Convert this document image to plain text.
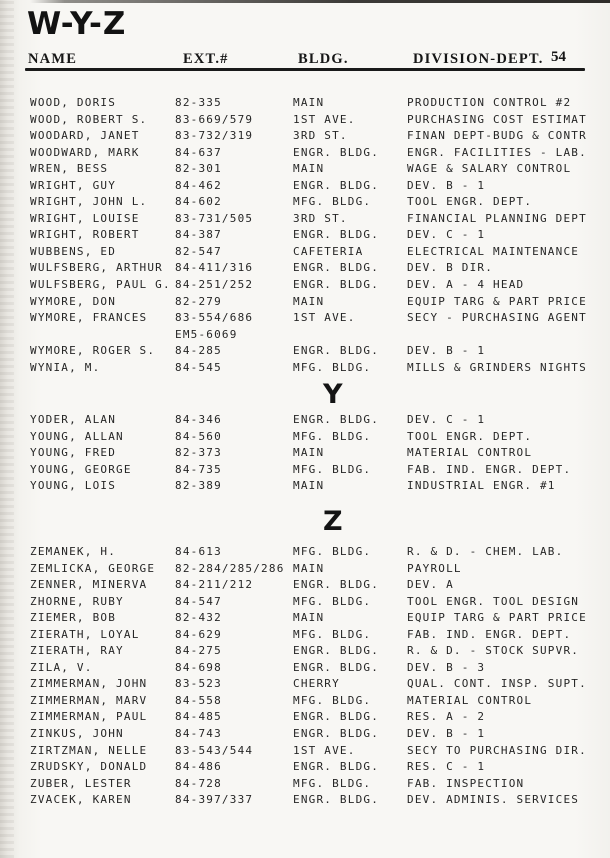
W-Y-Z
NAME	EXT.#	BLDG.	DIVISION-DEPT. 54
WOOD, DORIS	82-335	MAIN	PRODUCTION CONTROL #2
WOOD, ROBERT S.	83-669/579	1ST AVE.	PURCHASING COST ESTIMAT
WOODARD, JANET	83-732/319	3RD ST.	FINAN DEPT-BUDG & CONTR
WOODWARD, MARK	84-637	ENGR. BLDG.	ENGR. FACILITIES - LAB.
WREN, BESS	82-301	MAIN	WAGE & SALARY CONTROL
WRIGHT, GUY	84-462	ENGR. BLDG.	DEV. B - 1
WRIGHT, JOHN L.	84-602	MFG. BLDG.	TOOL ENGR. DEPT.
WRIGHT, LOUISE	83-731/505	3RD ST.	FINANCIAL PLANNING DEPT
WRIGHT, ROBERT	84-387	ENGR. BLDG.	DEV. C - 1
WUBBENS, ED	82-547	CAFETERIA	ELECTRICAL MAINTENANCE
WULFSBERG, ARTHUR	84-411/316	ENGR. BLDG.	DEV. B DIR.
WULFSBERG, PAUL G. 84-251/252	ENGR. BLDG.	DEV. A - 4 HEAD
WYMORE, DON	82-279	MAIN	EQUIP TARG & PART PRICE
WYMORE, FRANCES	83-554/686	1ST AVE.	SECY - PURCHASING AGENT
EM5-6069
WYMORE, ROGER S.	84-285	ENGR. BLDG.	DEV. B - 1
WYNIA, M.	84-545	MFG. BLDG.	MILLS & GRINDERS NIGHTS
Y
YODER, ALAN	84-346	ENGR. BLDG.	DEV. C - 1
YOUNG, ALLAN	84-560	MFG. BLDG.	TOOL ENGR. DEPT.
YOUNG, FRED	82-373	MAIN	MATERIAL CONTROL
YOUNG, GEORGE	84-735	MFG. BLDG.	FAB. IND. ENGR. DEPT.
YOUNG, LOIS	82-389	MAIN	INDUSTRIAL ENGR. #1
Z
ZEMANEK, H.	84-613	MFG. BLDG.	R. & D. - CHEM. LAB.
ZEMLICKA, GEORGE	82-284/285/286 MAIN	PAYROLL
ZENNER, MINERVA	84-211/212	ENGR. BLDG.	DEV. A
ZHORNE, RUBY	84-547	MFG. BLDG.	TOOL ENGR. TOOL DESIGN
ZIEMER, BOB	82-432	MAIN	EQUIP TARG & PART PRICE
ZIERATH, LOYAL	84-629	MFG. BLDG.	FAB. IND. ENGR. DEPT.
ZIERATH, RAY	84-275	ENGR. BLDG.	R. & D. - STOCK SUPVR.
ZILA, V.	84-698	ENGR. BLDG.	DEV. B - 3
ZIMMERMAN, JOHN	83-523	CHERRY	QUAL. CONT. INSP. SUPT.
ZIMMERMAN, MARV	84-558	MFG. BLDG.	MATERIAL CONTROL
ZIMMERMAN, PAUL	84-485	ENGR. BLDG.	RES. A - 2
ZINKUS, JOHN	84-743	ENGR. BLDG.	DEV. B - 1
ZIRTZMAN, NELLE	83-543/544	1ST AVE.	SECY TO PURCHASING DIR.
ZRUDSKY, DONALD	84-486	ENGR. BLDG.	RES. C - 1
ZUBER, LESTER	84-728	MFG. BLDG.	FAB. INSPECTION
ZVACEK, KAREN	84-397/337	ENGR. BLDG.	DEV. ADMINIS. SERVICES
